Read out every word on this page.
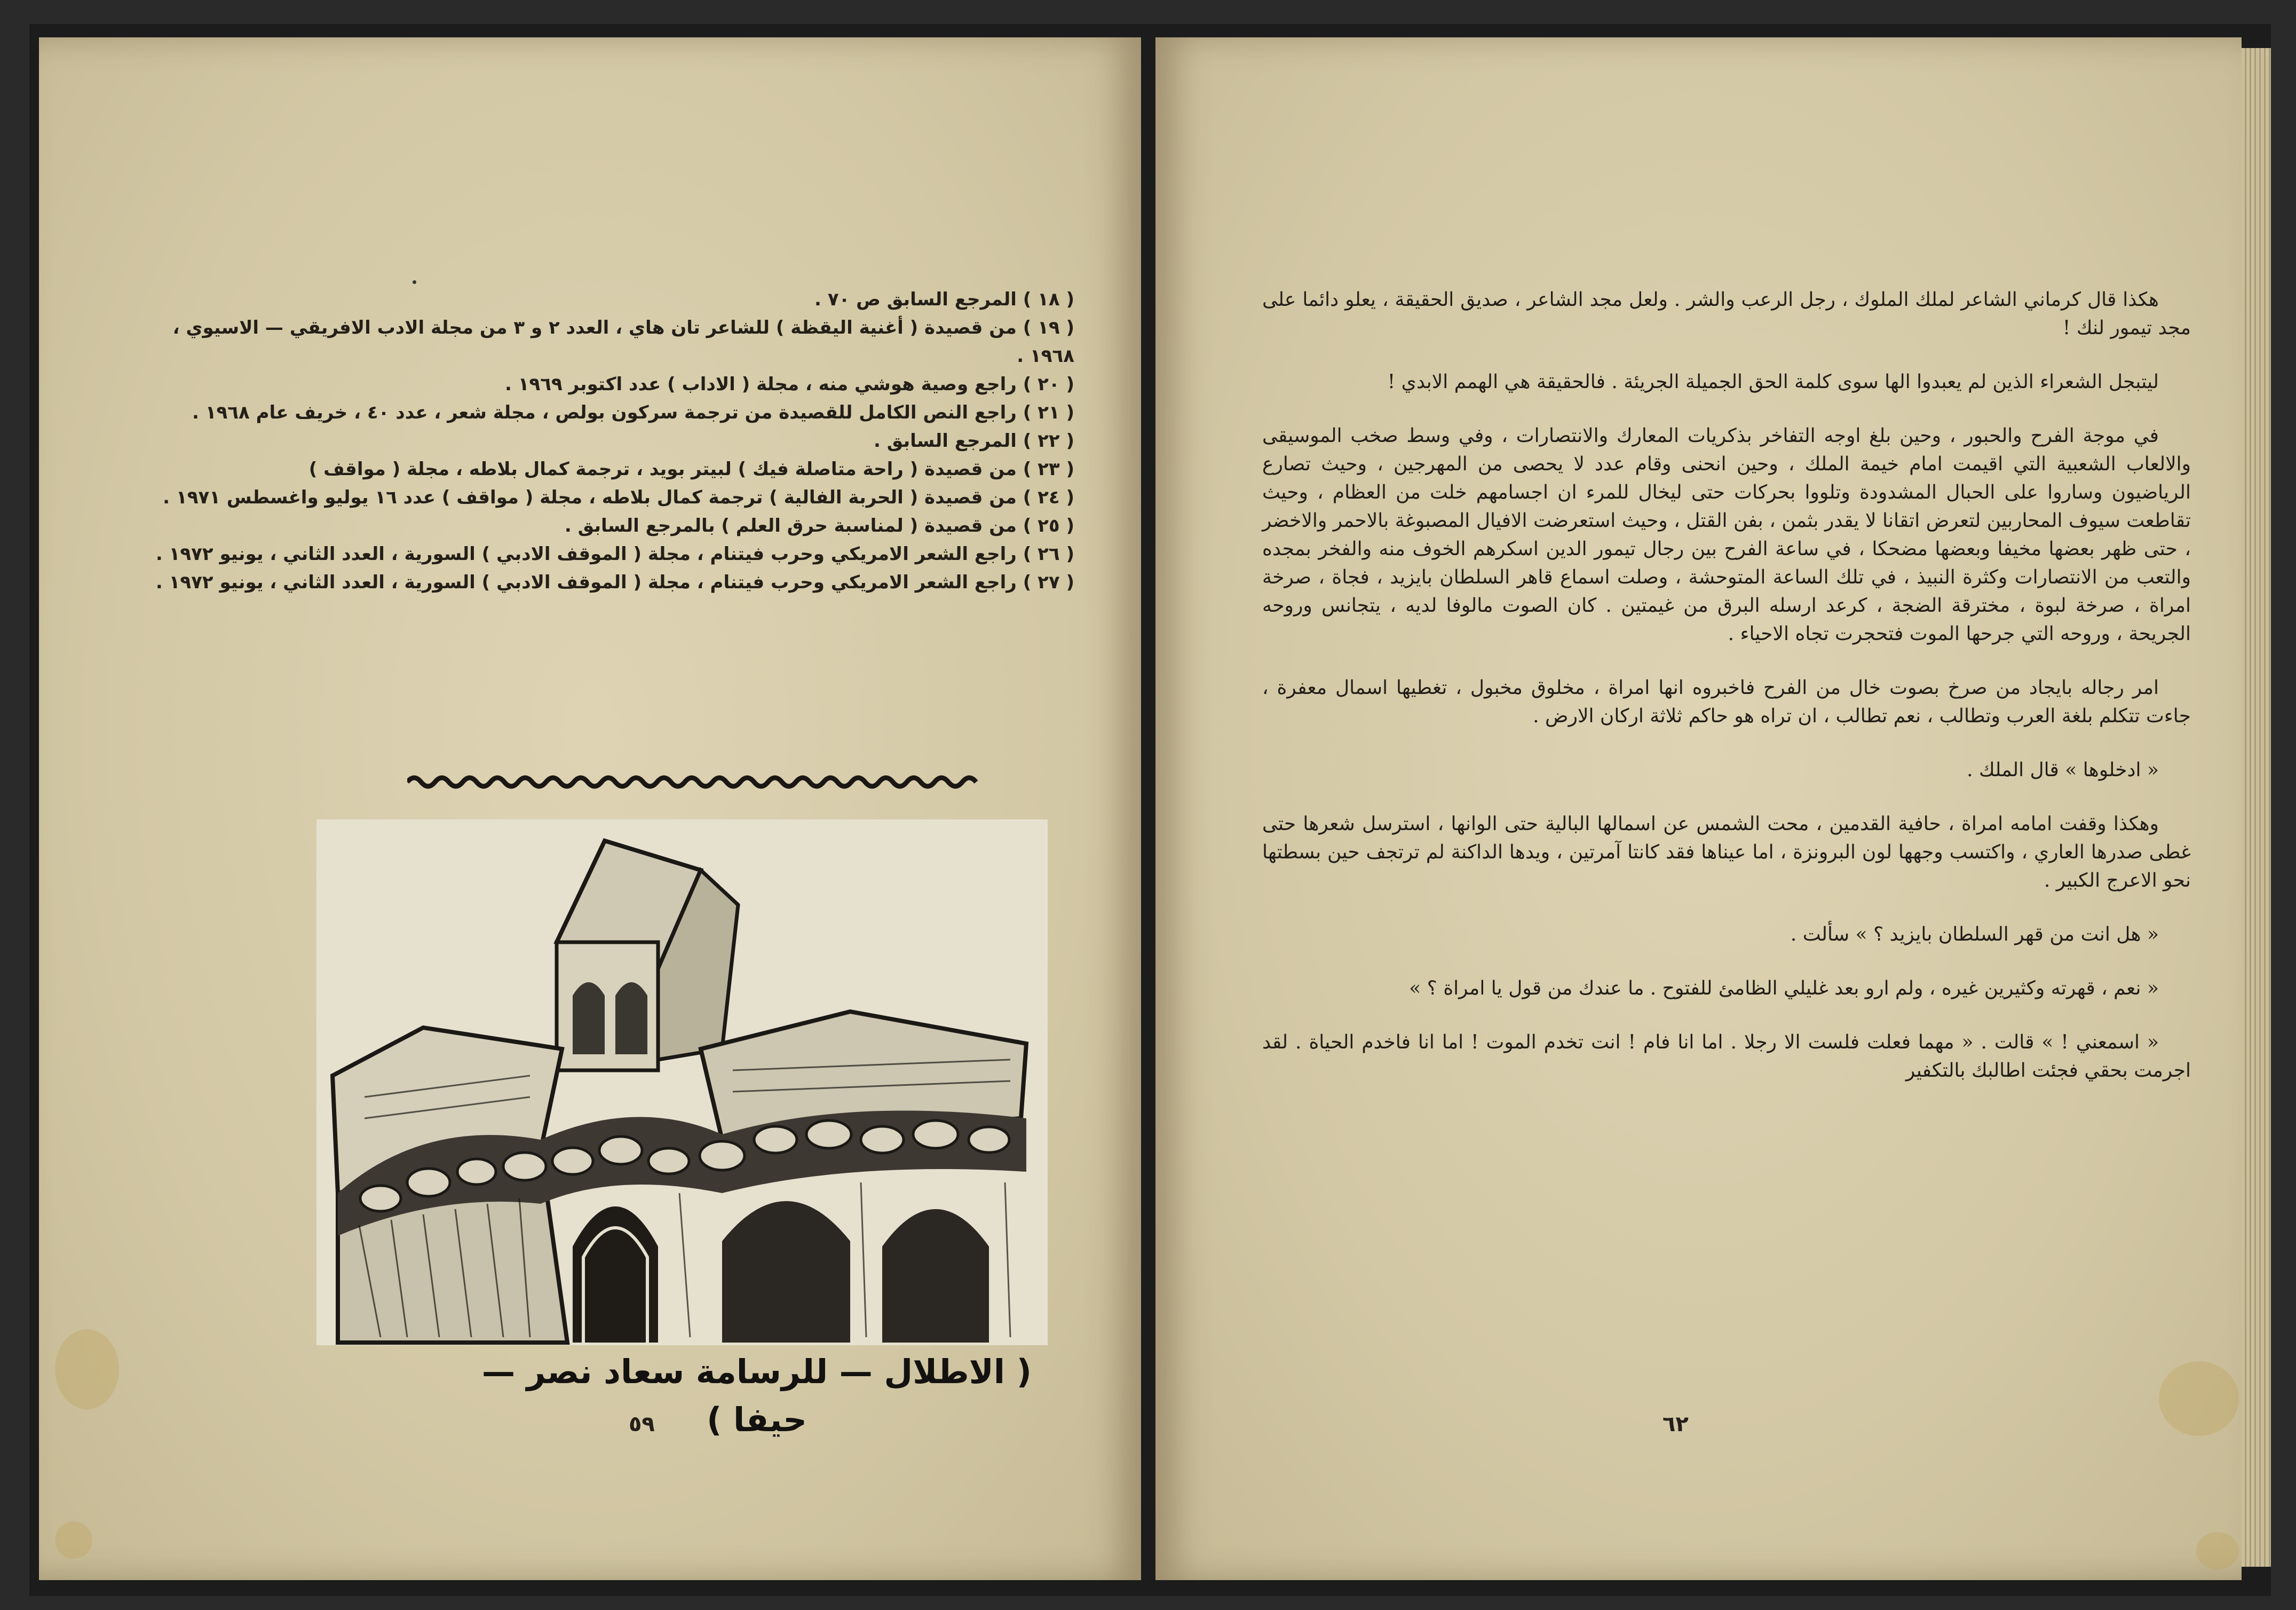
( ١٨ ) المرجع السابق ص ٧٠ .

( ١٩ ) من قصيدة ( أغنية اليقظة ) للشاعر تان هاي ، العدد ٢ و ٣ من مجلة الادب الافريقي — الاسيوي ، ١٩٦٨ .

( ٢٠ ) راجع وصية هوشي منه ، مجلة ( الاداب ) عدد اكتوبر ١٩٦٩ .

( ٢١ ) راجع النص الكامل للقصيدة من ترجمة سركون بولص ، مجلة شعر ، عدد ٤٠ ، خريف عام ١٩٦٨ .

( ٢٢ ) المرجع السابق .

( ٢٣ ) من قصيدة ( راحة متاصلة فيك ) لبيتر بويد ، ترجمة كمال بلاطه ، مجلة ( مواقف )

( ٢٤ ) من قصيدة ( الحربة الفالية ) ترجمة كمال بلاطه ، مجلة ( مواقف ) عدد ١٦ يوليو واغسطس ١٩٧١ .

( ٢٥ ) من قصيدة ( لمناسبة حرق العلم ) بالمرجع السابق .

( ٢٦ ) راجع الشعر الامريكي وحرب فيتنام ، مجلة ( الموقف الادبي ) السورية ، العدد الثاني ، يونيو ١٩٧٢ .

( ٢٧ ) راجع الشعر الامريكي وحرب فيتنام ، مجلة ( الموقف الادبي ) السورية ، العدد الثاني ، يونيو ١٩٧٢ .

( الاطلال — للرسامة سعاد نصر — حيفا )
٥٩

هكذا قال كرماني الشاعر لملك الملوك ، رجل الرعب والشر . ولعل مجد الشاعر ، صديق الحقيقة ، يعلو دائما على مجد تيمور لنك !

ليتبجل الشعراء الذين لم يعبدوا الها سوى كلمة الحق الجميلة الجريئة . فالحقيقة هي الهمم الابدي !

في موجة الفرح والحبور ، وحين بلغ اوجه التفاخر بذكريات المعارك والانتصارات ، وفي وسط صخب الموسيقى والالعاب الشعبية التي اقيمت امام خيمة الملك ، وحين انحنى وقام عدد لا يحصى من المهرجين ، وحيث تصارع الرياضيون وساروا على الحبال المشدودة وتلووا بحركات حتى ليخال للمرء ان اجسامهم خلت من العظام ، وحيث تقاطعت سيوف المحاربين لتعرض اتقانا لا يقدر بثمن ، بفن القتل ، وحيث استعرضت الافيال المصبوغة بالاحمر والاخضر ، حتى ظهر بعضها مخيفا وبعضها مضحكا ، في ساعة الفرح بين رجال تيمور الدين اسكرهم الخوف منه والفخر بمجده والتعب من الانتصارات وكثرة النبيذ ، في تلك الساعة المتوحشة ، وصلت اسماع قاهر السلطان بايزيد ، فجاة ، صرخة امراة ، صرخة لبوة ، مخترقة الضجة ، كرعد ارسله البرق من غيمتين . كان الصوت مالوفا لديه ، يتجانس وروحه الجريحة ، وروحه التي جرحها الموت فتحجرت تجاه الاحياء .

امر رجاله بايجاد من صرخ بصوت خال من الفرح فاخبروه انها امراة ، مخلوق مخبول ، تغطيها اسمال معفرة ، جاءت تتكلم بلغة العرب وتطالب ، نعم تطالب ، ان تراه هو حاكم ثلاثة اركان الارض .

« ادخلوها » قال الملك .

وهكذا وقفت امامه امراة ، حافية القدمين ، محت الشمس عن اسمالها البالية حتى الوانها ، استرسل شعرها حتى غطى صدرها العاري ، واكتسب وجهها لون البرونزة ، اما عيناها فقد كانتا آمرتين ، ويدها الداكنة لم ترتجف حين بسطتها نحو الاعرج الكبير .

« هل انت من قهر السلطان بايزيد ؟ » سألت .

« نعم ، قهرته وكثيرين غيره ، ولم ارو بعد غليلي الظامئ للفتوح . ما عندك من قول يا امراة ؟ »

« اسمعني ! » قالت . « مهما فعلت فلست الا رجلا . اما انا فام ! انت تخدم الموت ! اما انا فاخدم الحياة . لقد اجرمت بحقي فجئت اطالبك بالتكفير

٦٢
